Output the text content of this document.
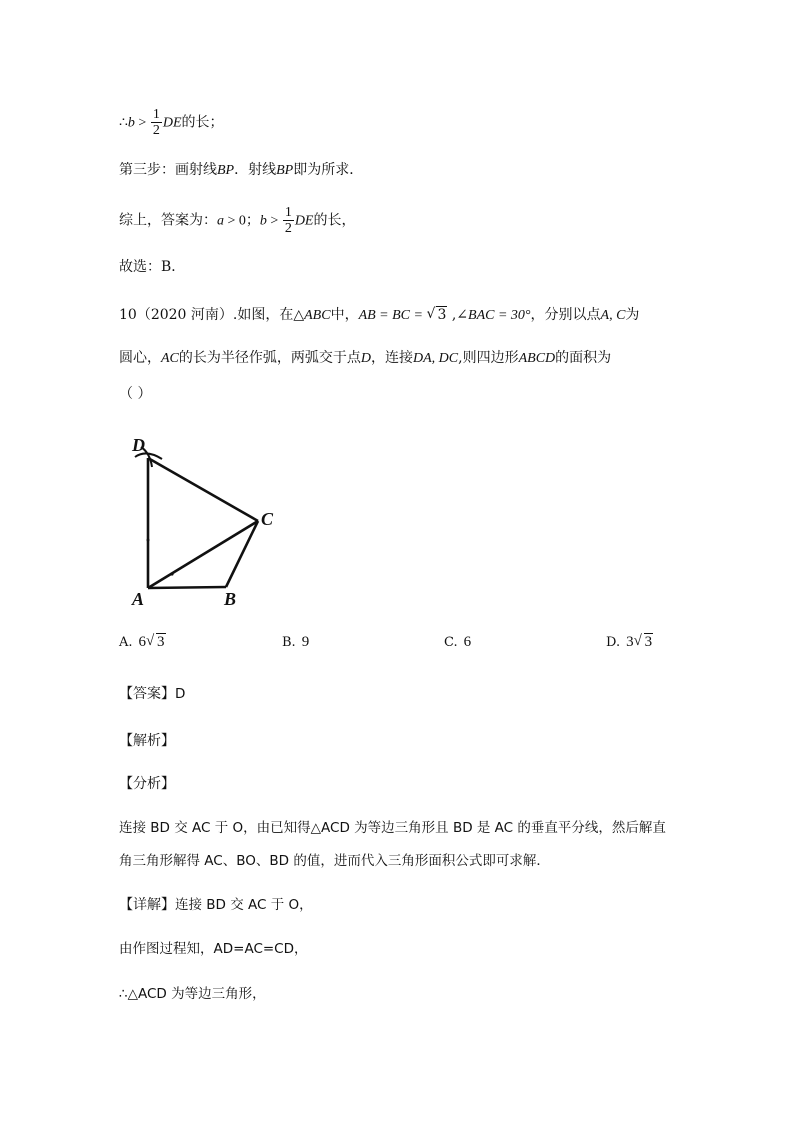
∴b > $\frac{1}{2}$ DE的长；
第三步：画射线BP．射线BP即为所求．
综上，答案为：a > 0；$b > \frac{1}{2}$ DE的长，
故选：B．
10（2020 河南）.如图，在△ABC中，AB = BC = √ 3 ,∠BAC = 30°，分别以点A, C为
圆心，AC的长为半径作弧，两弧交于点D，连接DA, DC,则四边形ABCD的面积为
（ ）
D
C
A	B
A. 6 √ 3	B. 9	C. 6	D. 3 √ 3
【答案】D
【解析】
【分析】
连接 BD 交 AC 于 O，由已知得△ACD 为等边三角形且 BD 是 AC 的垂直平分线，然后解直
角三角形解得 AC、BO、BD 的值，进而代入三角形面积公式即可求解．
【详解】连接 BD 交 AC 于 O，
由作图过程知，AD=AC=CD，
∴△ACD 为等边三角形，
